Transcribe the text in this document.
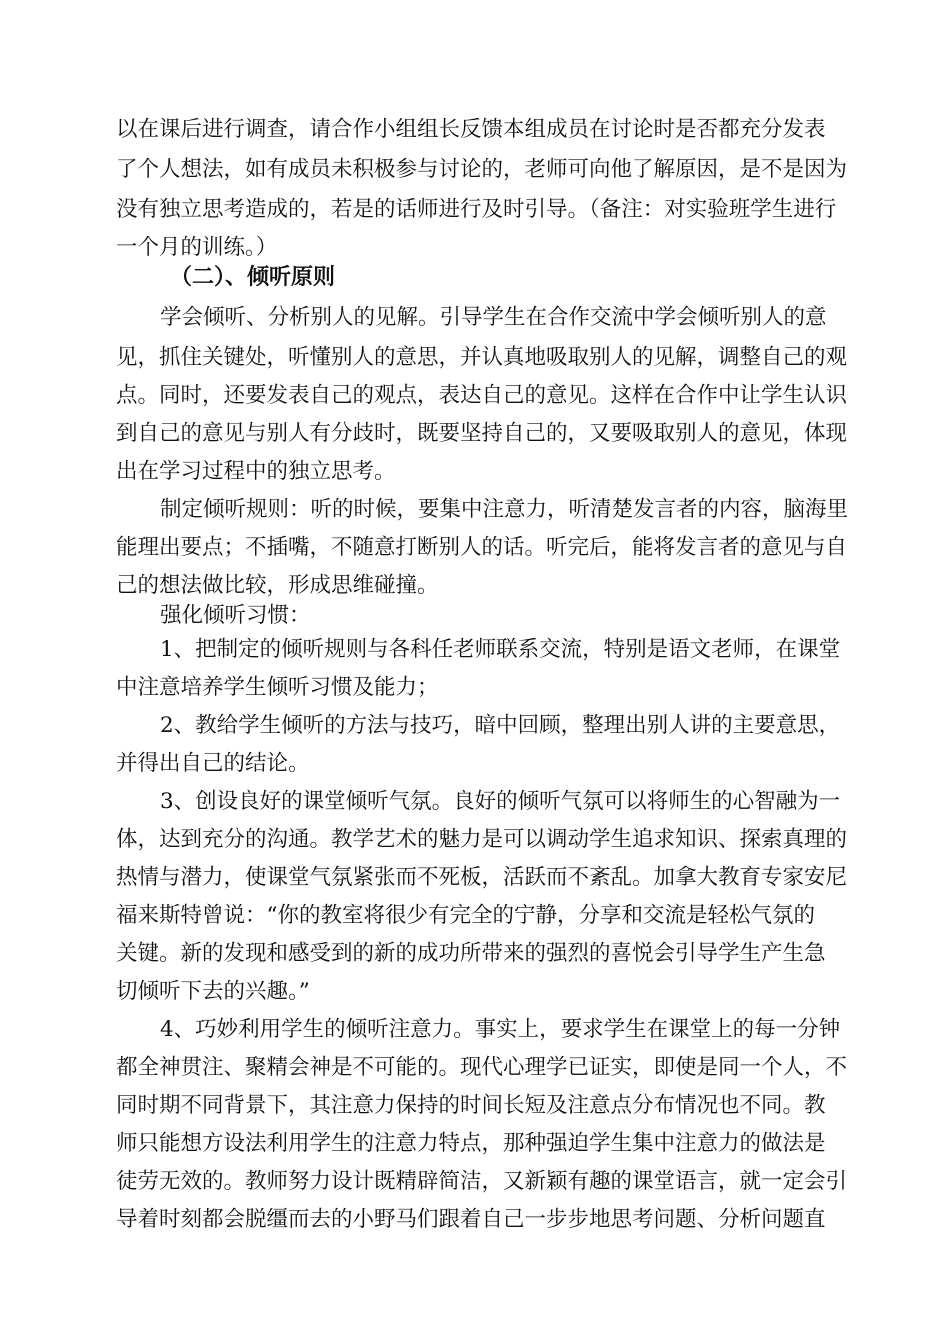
以在课后进行调查，请合作小组组长反馈本组成员在讨论时是否都充分发表
了个人想法，如有成员未积极参与讨论的，老师可向他了解原因，是不是因为
没有独立思考造成的，若是的话师进行及时引导。（备注：对实验班学生进行
一个月的训练。）
学会倾听、分析别人的见解。引导学生在合作交流中学会倾听别人的意
见，抓住关键处，听懂别人的意思，并认真地吸取别人的见解，调整自己的观
点。同时，还要发表自己的观点，表达自己的意见。这样在合作中让学生认识
到自己的意见与别人有分歧时，既要坚持自己的，又要吸取别人的意见，体现
出在学习过程中的独立思考。
制定倾听规则：听的时候，要集中注意力，听清楚发言者的内容，脑海里
能理出要点；不插嘴，不随意打断别人的话。听完后，能将发言者的意见与自
己的想法做比较，形成思维碰撞。
强化倾听习惯：
1、把制定的倾听规则与各科任老师联系交流，特别是语文老师，在课堂
中注意培养学生倾听习惯及能力；
2、教给学生倾听的方法与技巧，暗中回顾，整理出别人讲的主要意思，
并得出自己的结论。
3、创设良好的课堂倾听气氛。良好的倾听气氛可以将师生的心智融为一
体，达到充分的沟通。教学艺术的魅力是可以调动学生追求知识、探索真理的
热情与潜力，使课堂气氛紧张而不死板，活跃而不紊乱。加拿大教育专家安尼
福来斯特曾说：“你的教室将很少有完全的宁静，分享和交流是轻松气氛的
关键。新的发现和感受到的新的成功所带来的强烈的喜悦会引导学生产生急
切倾听下去的兴趣。”
4、巧妙利用学生的倾听注意力。事实上，要求学生在课堂上的每一分钟
都全神贯注、聚精会神是不可能的。现代心理学已证实，即使是同一个人，不
同时期不同背景下，其注意力保持的时间长短及注意点分布情况也不同。教
师只能想方设法利用学生的注意力特点，那种强迫学生集中注意力的做法是
徒劳无效的。教师努力设计既精辟简洁，又新颖有趣的课堂语言，就一定会引
导着时刻都会脱缰而去的小野马们跟着自己一步步地思考问题、分析问题直
（二）、倾听原则
